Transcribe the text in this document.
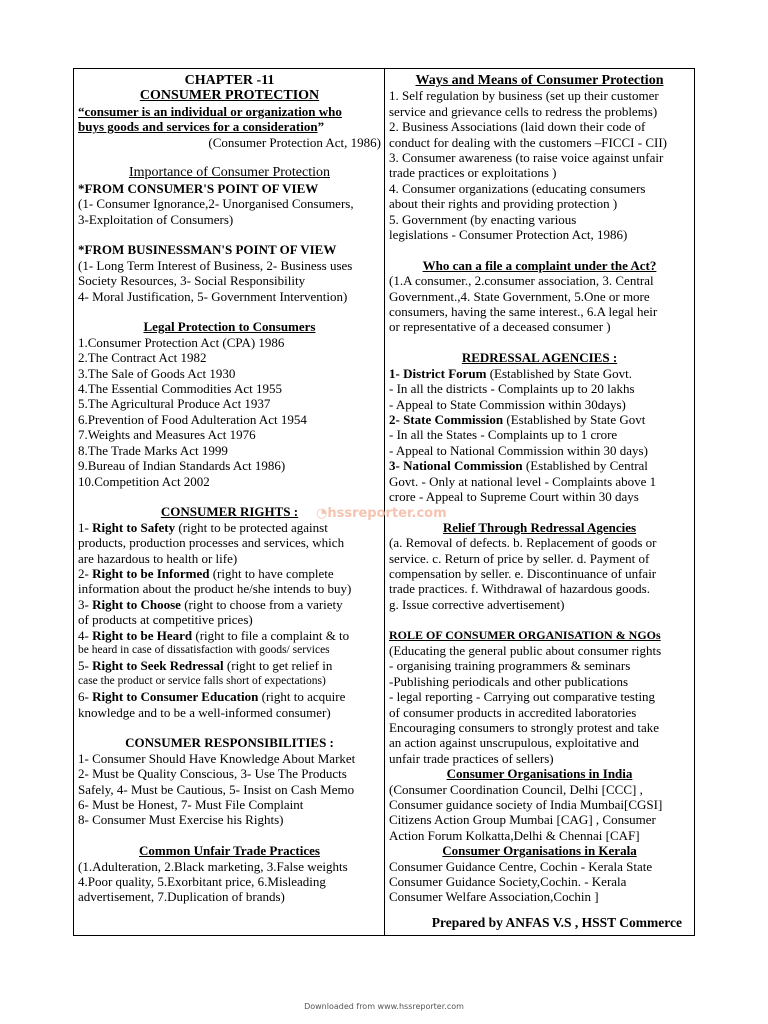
CHAPTER -11
CONSUMER PROTECTION
“consumer is an individual or organization who
buys goods and services for a consideration”
(Consumer Protection Act, 1986)
Importance of Consumer Protection
*FROM CONSUMER'S POINT OF VIEW
(1- Consumer Ignorance,2- Unorganised Consumers,
3-Exploitation of Consumers)
*FROM BUSINESSMAN'S POINT OF VIEW
(1- Long Term Interest of Business, 2- Business uses
Society Resources, 3- Social Responsibility
4- Moral Justification, 5- Government Intervention)
Legal Protection to Consumers
1.Consumer Protection Act (CPA) 1986
2.The Contract Act 1982
3.The Sale of Goods Act 1930
4.The Essential Commodities Act 1955
5.The Agricultural Produce Act 1937
6.Prevention of Food Adulteration Act 1954
7.Weights and Measures Act 1976
8.The Trade Marks Act 1999
9.Bureau of Indian Standards Act 1986)
10.Competition Act 2002
CONSUMER RIGHTS :
1- Right to Safety (right to be protected against
products, production processes and services, which
are hazardous to health or life)
2- Right to be Informed (right to have complete
information about the product he/she intends to buy)
3- Right to Choose (right to choose from a variety
of products at competitive prices)
4- Right to be Heard (right to file a complaint & to
be heard in case of dissatisfaction with goods/ services
5- Right to Seek Redressal (right to get relief in
case the product or service falls short of expectations)
6- Right to Consumer Education (right to acquire
knowledge and to be a well-informed consumer)
CONSUMER RESPONSIBILITIES :
1- Consumer Should Have Knowledge About Market
2- Must be Quality Conscious, 3- Use The Products
Safely, 4- Must be Cautious, 5- Insist on Cash Memo
6- Must be Honest, 7- Must File Complaint
8- Consumer Must Exercise his Rights)
Common Unfair Trade Practices
(1.Adulteration, 2.Black marketing, 3.False weights
4.Poor quality, 5.Exorbitant price, 6.Misleading
advertisement, 7.Duplication of brands)
Ways and Means of Consumer Protection
1. Self regulation by business (set up their customer
service and grievance cells to redress the problems)
2. Business Associations (laid down their code of
conduct for dealing with the customers –FICCI - CII)
3. Consumer awareness (to raise voice against unfair
trade practices or exploitations )
4. Consumer organizations (educating consumers
about their rights and providing protection )
5. Government (by enacting various
legislations - Consumer Protection Act, 1986)
Who can a file a complaint under the Act?
(1.A consumer., 2.consumer association, 3. Central
Government.,4. State Government, 5.One or more
consumers, having the same interest., 6.A legal heir
or representative of a deceased consumer )
REDRESSAL AGENCIES :
1- District Forum (Established by State Govt.
- In all the districts - Complaints up to 20 lakhs
- Appeal to State Commission within 30days)
2- State Commission (Established by State Govt
- In all the States - Complaints up to 1 crore
- Appeal to National Commission within 30 days)
3- National Commission (Established by Central
Govt. - Only at national level - Complaints above 1
crore - Appeal to Supreme Court within 30 days
Relief Through Redressal Agencies
(a. Removal of defects. b. Replacement of goods or
service. c. Return of price by seller. d. Payment of
compensation by seller. e. Discontinuance of unfair
trade practices. f. Withdrawal of hazardous goods.
g. Issue corrective advertisement)
ROLE OF CONSUMER ORGANISATION & NGOs
(Educating the general public about consumer rights
- organising training programmers & seminars
-Publishing periodicals and other publications
- legal reporting - Carrying out comparative testing
of consumer products in accredited laboratories
Encouraging consumers to strongly protest and take
an action against unscrupulous, exploitative and
unfair trade practices of sellers)
Consumer Organisations in India
(Consumer Coordination Council, Delhi [CCC] ,
Consumer guidance society of India Mumbai[CGSI]
Citizens Action Group Mumbai [CAG] , Consumer
Action Forum Kolkatta,Delhi & Chennai [CAF]
Consumer Organisations in Kerala
Consumer Guidance Centre, Cochin - Kerala State
Consumer Guidance Society,Cochin. - Kerala
Consumer Welfare Association,Cochin ]
Prepared by ANFAS V.S , HSST Commerce
◔hssreporter.com
Downloaded from www.hssreporter.com
